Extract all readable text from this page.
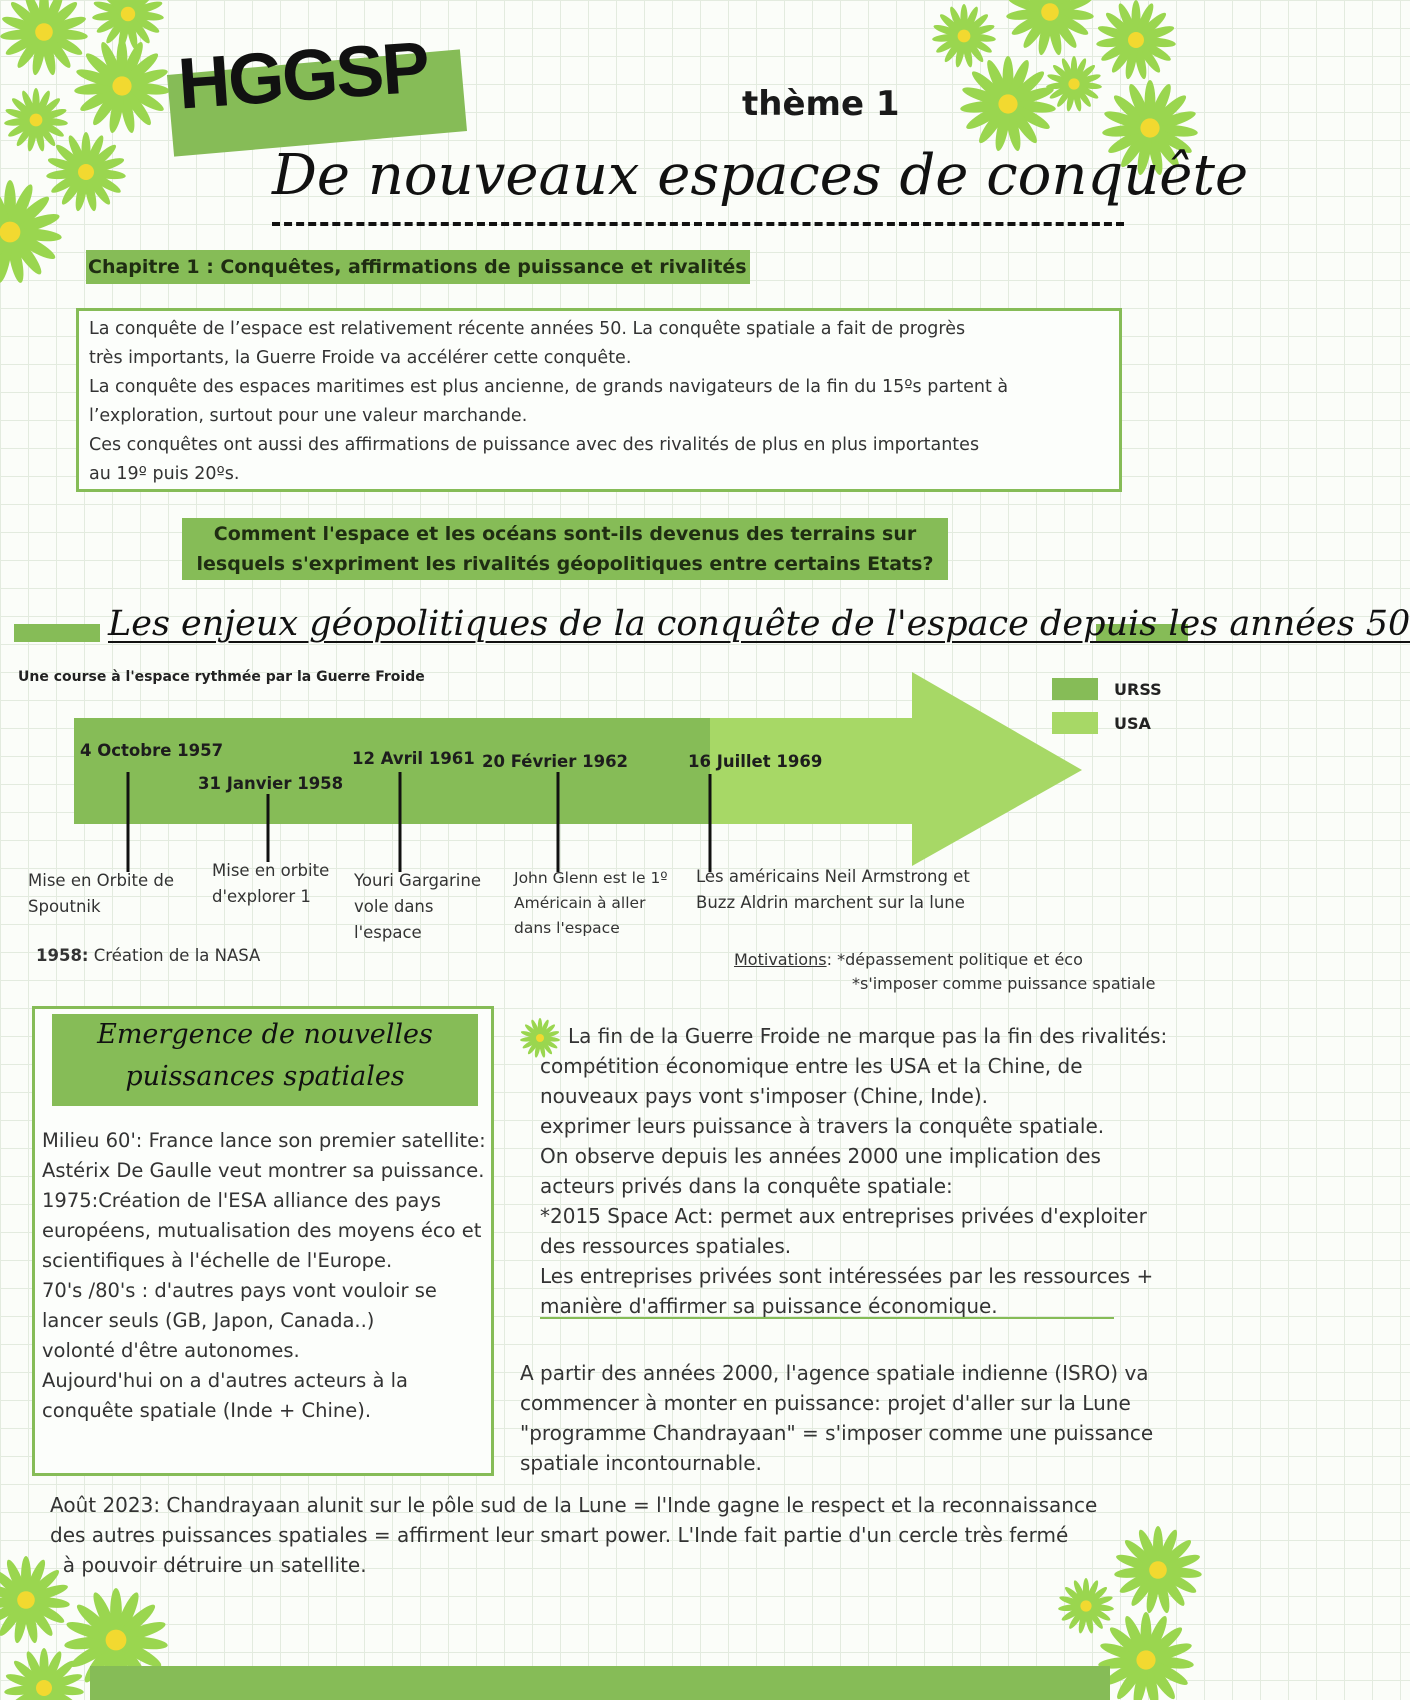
HGGSP	thème 1
De nouveaux espaces de conquête
Chapitre 1 : Conquêtes, affirmations de puissance et rivalités

La conquête de l’espace est relativement récente années 50. La conquête spatiale a fait de progrès

très importants, la Guerre Froide va accélérer cette conquête.

La conquête des espaces maritimes est plus ancienne, de grands navigateurs de la fin du 15ºs partent à

l’exploration, surtout pour une valeur marchande.

Ces conquêtes ont aussi des affirmations de puissance avec des rivalités de plus en plus importantes

au 19º puis 20ºs.

Comment l'espace et les océans sont-ils devenus des terrains sur
lesquels s'expriment les rivalités géopolitiques entre certains Etats?
Les enjeux géopolitiques de la conquête de l'espace depuis les années 50
Une course à l'espace rythmée par la Guerre Froide
URSS
USA
4 Octobre 1957
31 Janvier 1958
12 Avril 1961 20 Février 1962	16 Juillet 1969
Mise en Orbite de Spoutnik
Mise en orbite d'explorer 1
Youri Gargarine vole dans l'espace
John Glenn est le 1º Américain à aller dans l'espace
Les américains Neil Armstrong et Buzz Aldrin marchent sur la lune
1958: Création de la NASA	Motivations: *dépassement politique et éco
*s'imposer comme puissance spatiale
Emergence de nouvelles puissances spatiales

Milieu 60': France lance son premier satellite: Astérix De Gaulle veut montrer sa puissance.

1975:Création de l'ESA alliance des pays européens, mutualisation des moyens éco et scientifiques à l'échelle de l'Europe.

70's /80's : d'autres pays vont vouloir se lancer seuls (GB, Japon, Canada..)

volonté d'être autonomes.

Aujourd'hui on a d'autres acteurs à la conquête spatiale (Inde + Chine).

La fin de la Guerre Froide ne marque pas la fin des rivalités: compétition économique entre les USA et la Chine, de nouveaux pays vont s'imposer (Chine, Inde).

exprimer leurs puissance à travers la conquête spatiale.

On observe depuis les années 2000 une implication des acteurs privés dans la conquête spatiale:

*2015 Space Act: permet aux entreprises privées d'exploiter des ressources spatiales.

Les entreprises privées sont intéressées par les ressources + manière d'affirmer sa puissance économique.

A partir des années 2000, l'agence spatiale indienne (ISRO) va commencer à monter en puissance: projet d'aller sur la Lune "programme Chandrayaan" = s'imposer comme une puissance spatiale incontournable.

Août 2023: Chandrayaan alunit sur le pôle sud de la Lune = l'Inde gagne le respect et la reconnaissance

des autres puissances spatiales = affirment leur smart power. L'Inde fait partie d'un cercle très fermé

à pouvoir détruire un satellite.
